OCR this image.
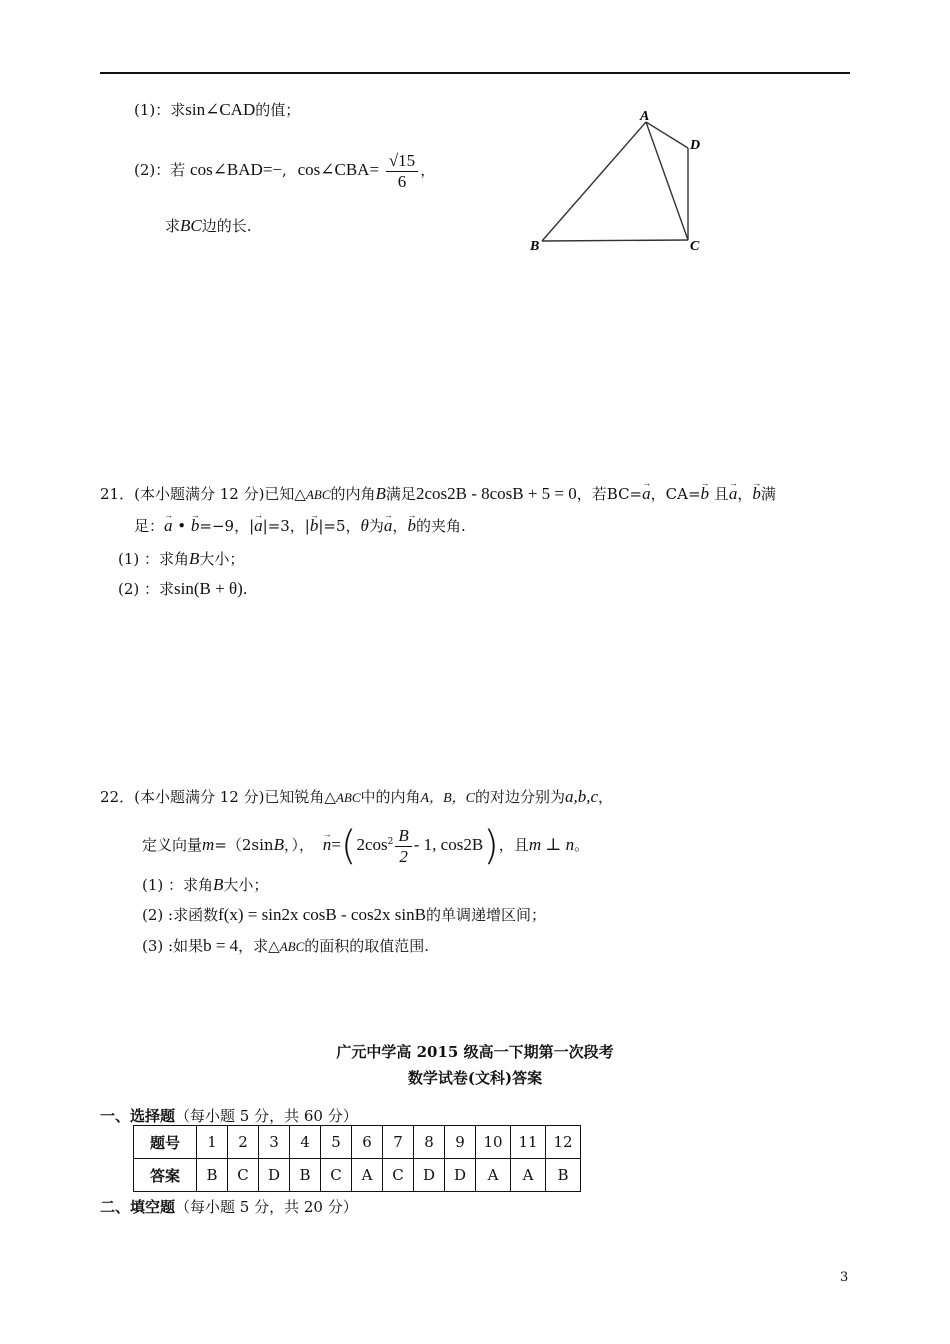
(1)：求sin∠CAD的值；
(2)：若 cos∠BAD=−, cos∠CBA= $\frac{√15}{6}$ ，
求BC边的长.
A
D
B	C
21．(本小题满分 12 分)已知△ABC的内角B满足2cos2B - 8cosB + 5 = 0，若BC=→ a，CA=→ b 且→ a，→ b满
足：→ a • → b=−9，|→ a|=3，|→ b|=5，θ为→ a，→ b的夹角.
(1) ：求角B大小；
(2) ：求sin(B + θ).
22．(本小题满分 12 分)已知锐角△ABC中的内角A，B，C的对边分别为a,b,c，
定义向量m=（2sinB，）， → $n=(2\cos^2 \frac{B}{2} - 1$, cos2B)，且m ⊥ n。
(1) ：求角B大小；
(2) :求函数f(x) = sin2x cosB - cos2x sinB的单调递增区间；
(3) :如果b = 4，求△ABC的面积的取值范围.
广元中学高 2015 级高一下期第一次段考
数学试卷(文科)答案
一、选择题（每小题 5 分，共 60 分）
题号	1	2	3	4	5	6	7	8	9	10	11	12
答案	B	C	D	B	C	A	C	D	D	A	A	B
二、填空题（每小题 5 分，共 20 分）
3
